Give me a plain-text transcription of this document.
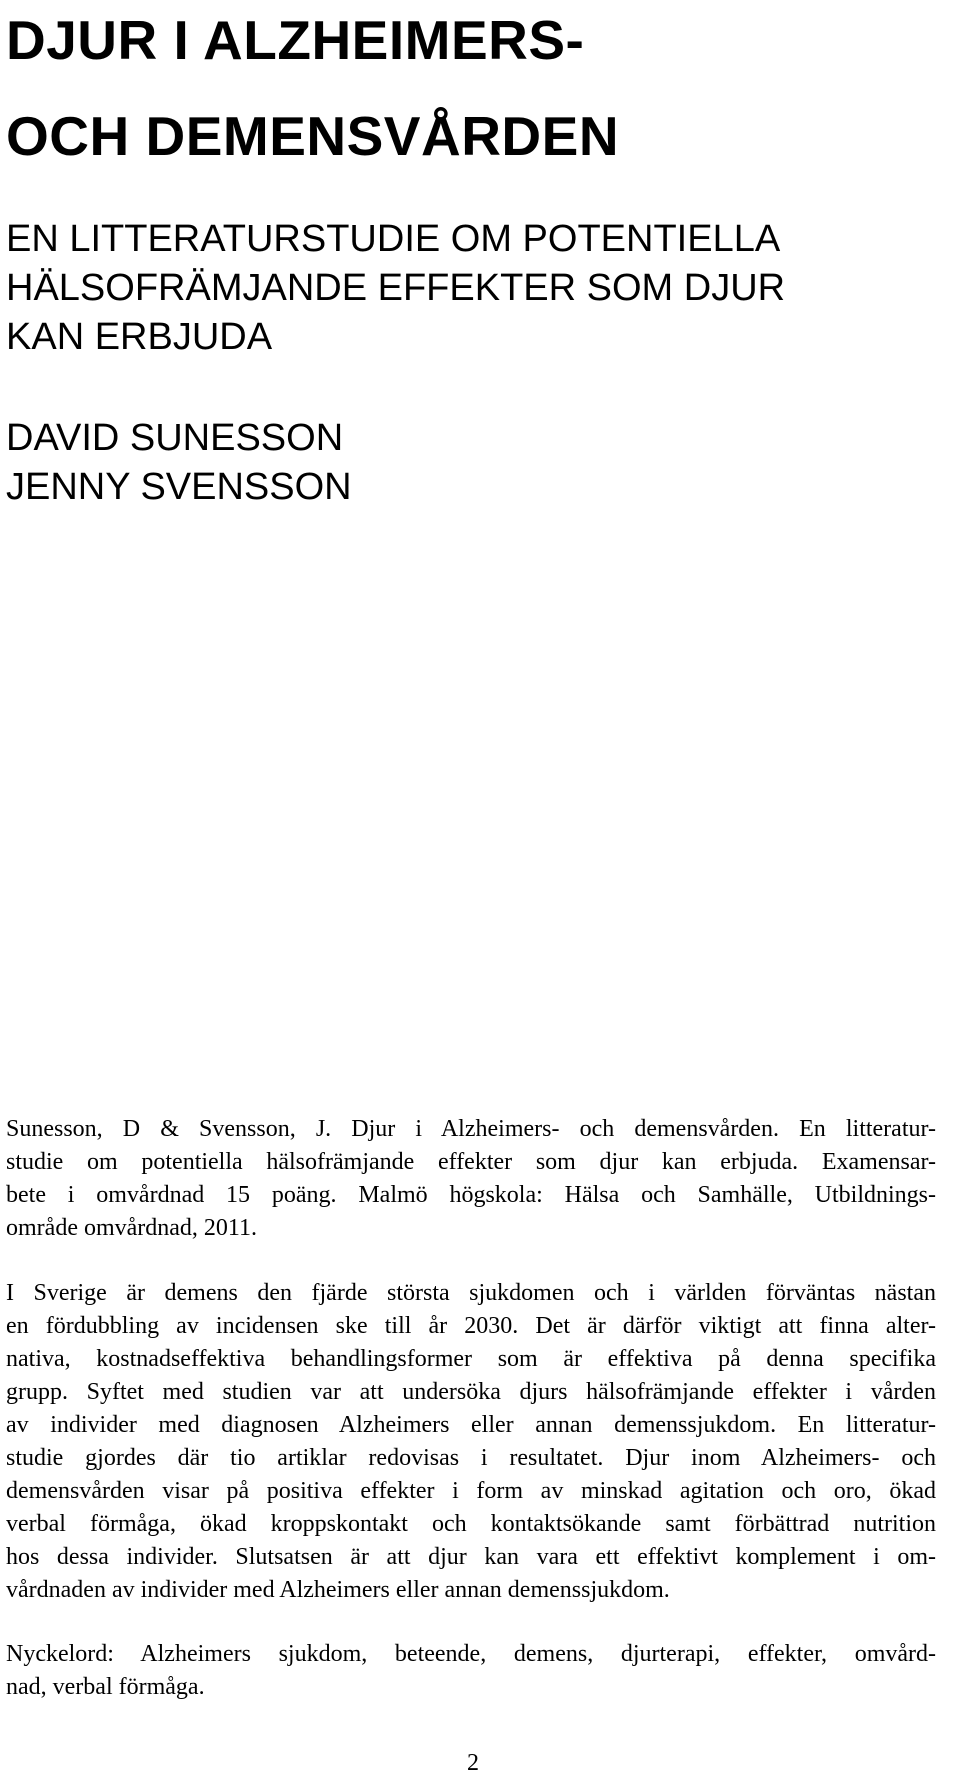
DJUR I ALZHEIMERS-
OCH DEMENSVÅRDEN
EN LITTERATURSTUDIE OM POTENTIELLA
HÄLSOFRÄMJANDE EFFEKTER SOM DJUR
KAN ERBJUDA
DAVID SUNESSON
JENNY SVENSSON
Sunesson, D & Svensson, J. Djur i Alzheimers- och demensvården. En litteratur-
studie om potentiella hälsofrämjande effekter som djur kan erbjuda. Examensar-
bete i omvårdnad 15 poäng. Malmö högskola: Hälsa och Samhälle, Utbildnings-
område omvårdnad, 2011.
I Sverige är demens den fjärde största sjukdomen och i världen förväntas nästan
en fördubbling av incidensen ske till år 2030. Det är därför viktigt att finna alter-
nativa, kostnadseffektiva behandlingsformer som är effektiva på denna specifika
grupp. Syftet med studien var att undersöka djurs hälsofrämjande effekter i vården
av individer med diagnosen Alzheimers eller annan demenssjukdom. En litteratur-
studie gjordes där tio artiklar redovisas i resultatet. Djur inom Alzheimers- och
demensvården visar på positiva effekter i form av minskad agitation och oro, ökad
verbal förmåga, ökad kroppskontakt och kontaktsökande samt förbättrad nutrition
hos dessa individer. Slutsatsen är att djur kan vara ett effektivt komplement i om-
vårdnaden av individer med Alzheimers eller annan demenssjukdom.
Nyckelord: Alzheimers sjukdom, beteende, demens, djurterapi, effekter, omvård-
nad, verbal förmåga.
2
